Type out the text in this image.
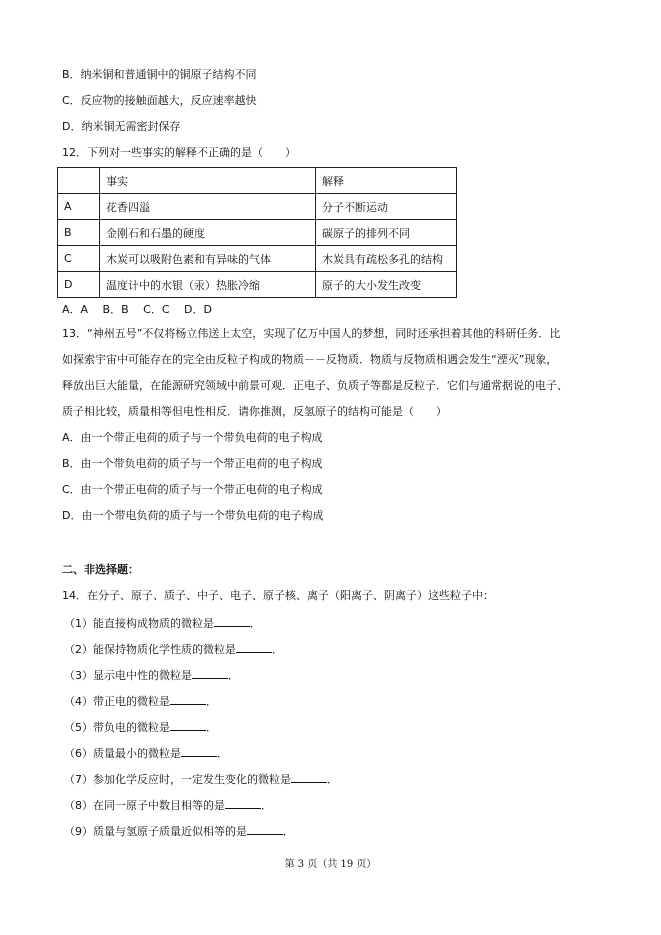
B．纳米铜和普通铜中的铜原子结构不同
C．反应物的接触面越大，反应速率越快
D．纳米铜无需密封保存
12．下列对一些事实的解释不正确的是（　　）
	事实	解释
A	花香四溢	分子不断运动
B	金刚石和石墨的硬度	碳原子的排列不同
C	木炭可以吸附色素和有异味的气体	木炭具有疏松多孔的结构
D	温度计中的水银（汞）热胀冷缩	原子的大小发生改变
A．A　 B．B　 C．C　 D．D
13．“神州五号”不仅将杨立伟送上太空，实现了亿万中国人的梦想，同时还承担着其他的科研任务．比
如探索宇宙中可能存在的完全由反粒子构成的物质－－反物质．物质与反物质相遇会发生“湮灭”现象，
释放出巨大能量，在能源研究领域中前景可观．正电子、负质子等都是反粒子．它们与通常据说的电子、
质子相比较，质量相等但电性相反．请你推测，反氢原子的结构可能是（　　）
A．由一个带正电荷的质子与一个带负电荷的电子构成
B．由一个带负电荷的质子与一个带正电荷的电子构成
C．由一个带正电荷的质子与一个带正电荷的电子构成
D．由一个带电负荷的质子与一个带负电荷的电子构成
二、非选择题：
14．在分子、原子、质子、中子、电子、原子核、离子（阳离子、阴离子）这些粒子中：
（1）能直接构成物质的微粒是	．
（2）能保持物质化学性质的微粒是	．
（3）显示电中性的微粒是	．
（4）带正电的微粒是	．
（5）带负电的微粒是	．
（6）质量最小的微粒是	．
（7）参加化学反应时，一定发生变化的微粒是	．
（8）在同一原子中数目相等的是	．
（9）质量与氢原子质量近似相等的是	．
第 3 页（共 19 页）
